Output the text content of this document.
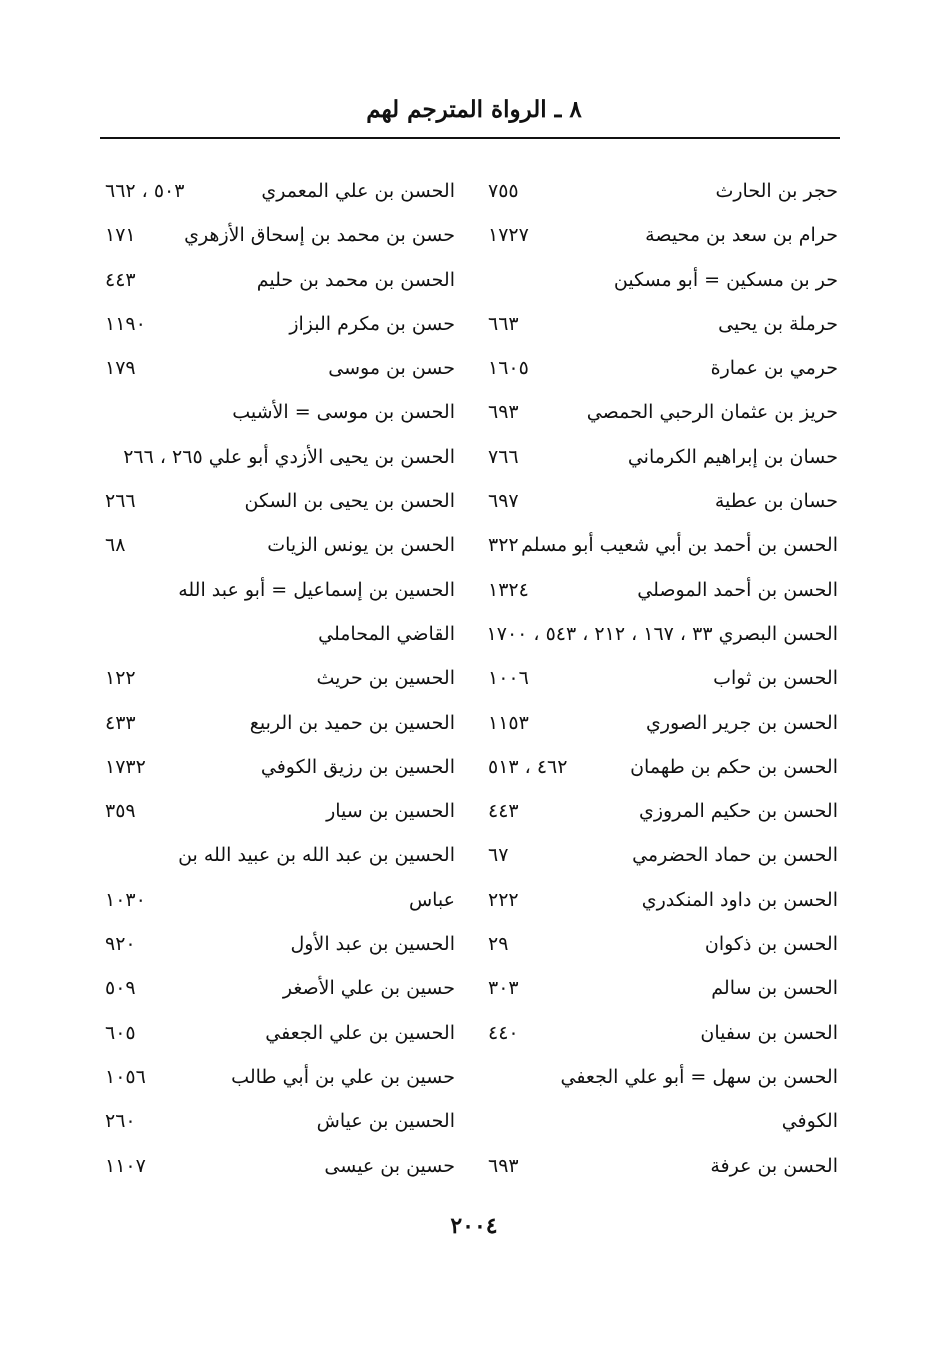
٨ ـ الرواة المترجم لهم
حجر بن الحارث
٧٥٥
حرام بن سعد بن محيصة
١٧٢٧
حر بن مسكين = أبو مسكين
حرملة بن يحيى
٦٦٣
حرمي بن عمارة
١٦٠٥
حريز بن عثمان الرحبي الحمصي
٦٩٣
حسان بن إبراهيم الكرماني
٧٦٦
حسان بن عطية
٦٩٧
الحسن بن أحمد بن أبي شعيب أبو مسلم
٣٢٢
الحسن بن أحمد الموصلي
١٣٢٤
الحسن البصري ٣٣ ، ١٦٧ ، ٢١٢ ، ٥٤٣ ، ١٧٠٠
الحسن بن ثواب
١٠٠٦
الحسن بن جرير الصوري
١١٥٣
الحسن بن حكم بن طهمان
٤٦٢ ، ٥١٣
الحسن بن حكيم المروزي
٤٤٣
الحسن بن حماد الحضرمي
٦٧
الحسن بن داود المنكدري
٢٢٢
الحسن بن ذكوان
٢٩
الحسن بن سالم
٣٠٣
الحسن بن سفيان
٤٤٠
الحسن بن سهل = أبو علي الجعفي
الكوفي
الحسن بن عرفة
٦٩٣
الحسن بن علي المعمري
٥٠٣ ، ٦٦٢
حسن بن محمد بن إسحاق الأزهري
١٧١
الحسن بن محمد بن حليم
٤٤٣
حسن بن مكرم البزاز
١١٩٠
حسن بن موسى
١٧٩
الحسن بن موسى = الأشيب
الحسن بن يحيى الأزدي أبو علي ٢٦٥ ، ٢٦٦
الحسن بن يحيى بن السكن
٢٦٦
الحسن بن يونس الزيات
٦٨
الحسين بن إسماعيل = أبو عبد الله
القاضي المحاملي
الحسين بن حريث
١٢٢
الحسين بن حميد بن الربيع
٤٣٣
الحسين بن رزيق الكوفي
١٧٣٢
الحسين بن سيار
٣٥٩
الحسين بن عبد الله بن عبيد الله بن
عباس
١٠٣٠
الحسين بن عبد الأول
٩٢٠
حسين بن علي الأصغر
٥٠٩
الحسين بن علي الجعفي
٦٠٥
حسين بن علي بن أبي طالب
١٠٥٦
الحسين بن عياش
٢٦٠
حسين بن عيسى
١١٠٧
٢٠٠٤
